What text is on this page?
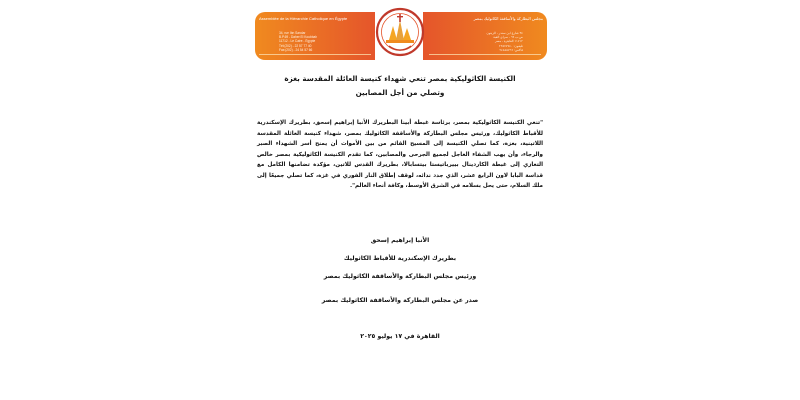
Assemblée de la Hiérarchie Catholique en Égypte
34, rue Ibn Sandar
B.P.69 - Daher El Koubbah
11712 - Le Caire - Égypte
Tél:(202) - 22 57 77 40
Fax:(202) - 24 54 57 66
مجلس البطاركة والأساقفة الكاثوليك بمصر
٣٤ شارع ابن سندر - الزيتون
ص.ب ٦٩ - سراي القبة
١١٧١٢ القاهرة - مصر
تليفون: ٢٢٥٧٧٧٤٠
فاكس: ٢٤٥٤٥٧٦٦
الكنيسة الكاثوليكية بمصر تنعي شهداء كنيسة العائلة المقدسة بغزة
وتصلي من أجل المصابين
"تنعي الكنيسة الكاثوليكية بمصر، برئاسة غبطة أبينا البطريرك الأنبا إبراهيم إسحق، بطريرك الإسكندرية للأقباط الكاثوليك، ورئيس مجلس البطاركة والأساقفة الكاثوليك بمصر، شهداء كنيسة العائلة المقدسة اللاتينية، بغزة، كما تصلي الكنيسة إلى المسيح القائم من بين الأموات أن يمنح أسر الشهداء الصبر والرجاء، وأن يهب الشفاء العاجل لجميع الجرحى والمصابين، كما تقدم الكنيسة الكاثوليكية بمصر خالص التعازي إلى غبطة الكاردينال بييرباتيستا بيتسابالا، بطريرك القدس للاتين، مؤكدة تضامنها الكامل مع قداسة البابا لاون الرابع عشر، الذي جدد ندائه، لوقف إطلاق النار الفوري في غزة، كما تصلي جميعًا إلى ملك السلام، حتى يحل بسلامه في الشرق الأوسط، وكافة أنحاء العالم".
الأنبا إبراهيم إسحق
بطريرك الإسكندرية للأقباط الكاثوليك
ورئيس مجلس البطاركة والأساقفة الكاثوليك بمصر
صدر عن مجلس البطاركة والأساقفة الكاثوليك بمصر
القاهرة في ١٧ يوليو ٢٠٢٥
